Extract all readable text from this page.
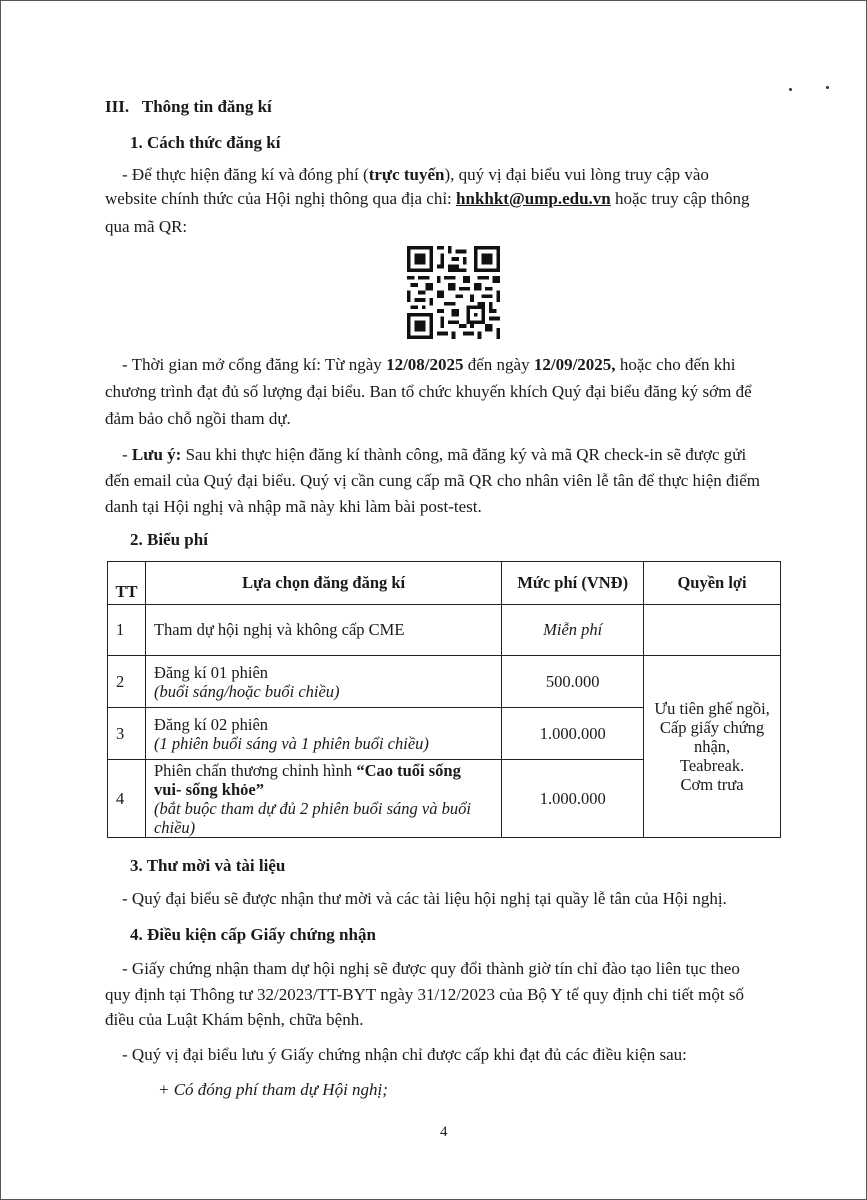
III. Thông tin đăng kí
1. Cách thức đăng kí
- Để thực hiện đăng kí và đóng phí (trực tuyến), quý vị đại biểu vui lòng truy cập vào
website chính thức của Hội nghị thông qua địa chỉ: hnkhkt@ump.edu.vn hoặc truy cập thông
qua mã QR:
- Thời gian mở cổng đăng kí: Từ ngày 12/08/2025 đến ngày 12/09/2025, hoặc cho đến khi
chương trình đạt đủ số lượng đại biểu. Ban tổ chức khuyến khích Quý đại biểu đăng ký sớm để
đảm bảo chỗ ngồi tham dự.
- Lưu ý: Sau khi thực hiện đăng kí thành công, mã đăng ký và mã QR check-in sẽ được gửi
đến email của Quý đại biểu. Quý vị cần cung cấp mã QR cho nhân viên lễ tân để thực hiện điểm
danh tại Hội nghị và nhập mã này khi làm bài post-test.
2. Biểu phí
TT	Lựa chọn đăng đăng kí	Mức phí (VNĐ)	Quyền lợi
1	Tham dự hội nghị và không cấp CME	Miễn phí	
2	Đăng kí 01 phiên
(buổi sáng/hoặc buổi chiều)	500.000	Ưu tiên ghế ngồi,
Cấp giấy chứng
nhận,
Teabreak.
Cơm trưa
3	Đăng kí 02 phiên
(1 phiên buổi sáng và 1 phiên buổi chiều)	1.000.000	
4	Phiên chấn thương chỉnh hình “Cao tuổi sống vui- sống khỏe”
(bắt buộc tham dự đủ 2 phiên buổi sáng và buổi chiều)	1.000.000	
3. Thư mời và tài liệu
- Quý đại biểu sẽ được nhận thư mời và các tài liệu hội nghị tại quầy lễ tân của Hội nghị.
4. Điều kiện cấp Giấy chứng nhận
- Giấy chứng nhận tham dự hội nghị sẽ được quy đổi thành giờ tín chỉ đào tạo liên tục theo
quy định tại Thông tư 32/2023/TT-BYT ngày 31/12/2023 của Bộ Y tế quy định chi tiết một số
điều của Luật Khám bệnh, chữa bệnh.
- Quý vị đại biểu lưu ý Giấy chứng nhận chỉ được cấp khi đạt đủ các điều kiện sau:
+ Có đóng phí tham dự Hội nghị;
4
